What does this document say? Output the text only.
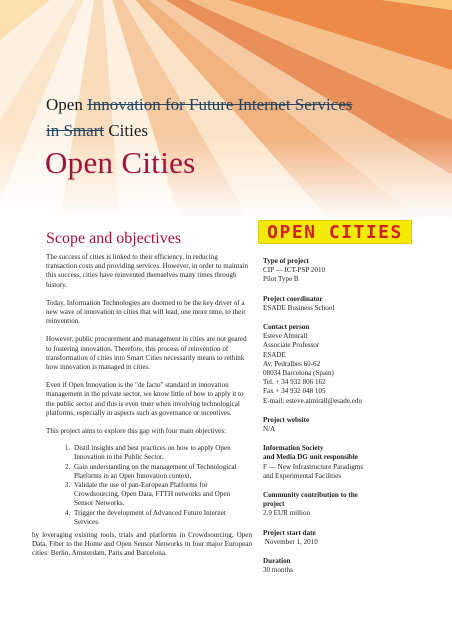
Open Innovation for Future Internet Services
in Smart Cities
Open Cities
Scope and objectives	OPEN CITIES

The success of cities is linked to their efficiency, in reducing transaction costs and providing services. However, in order to maintain this success, cities have reinvented themselves many times through history.

Today, Information Technologies are doomed to be the key driver of a new wave of innovation in cities that will lead, one more time, to their reinvention.

However, public procurement and management in cities are not geared to fostering innovation. Therefore, this process of reinvention of transformation of cities into Smart Cities necessarily means to rethink how innovation is managed in cities.

Even if Open Innovation is the "de facto" standard in innovation management in the private sector, we know little of how to apply it to the public sector and this is even truer when involving technological platforms, especially in aspects such as governance or incentives.

This project aims to explore this gap with four main objectives:

1. Distil insights and best practices on how to apply Open Innovation in the Public Sector.
2. Gain understanding on the management of Technological Platforms in an Open Innovation context.
3. Validate the use of pan-European Platforms for Crowdsourcing, Open Data, FTTH networks and Open Sensor Networks.
4. Trigger the development of Advanced Future Internet Services.
by leveraging existing tools, trials and platforms in Crowdsourcing, Open Data, Fiber to the Home and Open Sensor Networks in four major European cities: Berlin, Amsterdam, Paris and Barcelona.
Type of project
CIP — ICT-PSP 2010
Pilot Type B
Project coordinator
ESADE Business School
Contact person
Esteve Almirall
Associate Professor
ESADE
Av. Pedralbes 60-62
08034 Barcelona (Spain)
Tel. + 34 932 806 162
Fax + 34 932 048 105
E-mail: esteve.almirall@esade.edu
Project website
N/A
Information Society
and Media DG unit responsible
F — New Infrastructure Paradigms
and Experimental Facilities
Community contribution to the
project
2.9 EUR million
Project start date
November 1, 2010
Duration
30 months
